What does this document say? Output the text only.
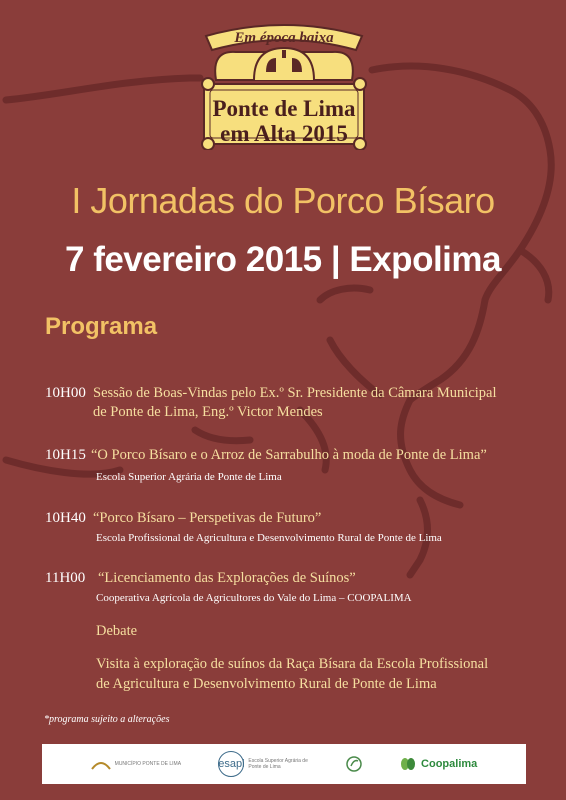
Em época baixa
Ponte de Lima
em Alta 2015
I Jornadas do Porco Bísaro
7 fevereiro 2015 | Expolima
Programa
10H00 Sessão de Boas-Vindas pelo Ex.º Sr. Presidente da Câmara Municipal
de Ponte de Lima, Eng.º Victor Mendes
10H15 “O Porco Bísaro e o Arroz de Sarrabulho à moda de Ponte de Lima”
Escola Superior Agrária de Ponte de Lima
10H40 “Porco Bísaro – Perspetivas de Futuro”
Escola Profissional de Agricultura e Desenvolvimento Rural de Ponte de Lima
11H00 “Licenciamento das Explorações de Suínos”
Cooperativa Agrícola de Agricultores do Vale do Lima – COOPALIMA
Debate
Visita à exploração de suínos da Raça Bísara da Escola Profissional
de Agricultura e Desenvolvimento Rural de Ponte de Lima
*programa sujeito a alterações
MUNICÍPIO PONTE DE LIMA	esapl Escola Superior Agrária de Ponte de Lima	Coopalima
